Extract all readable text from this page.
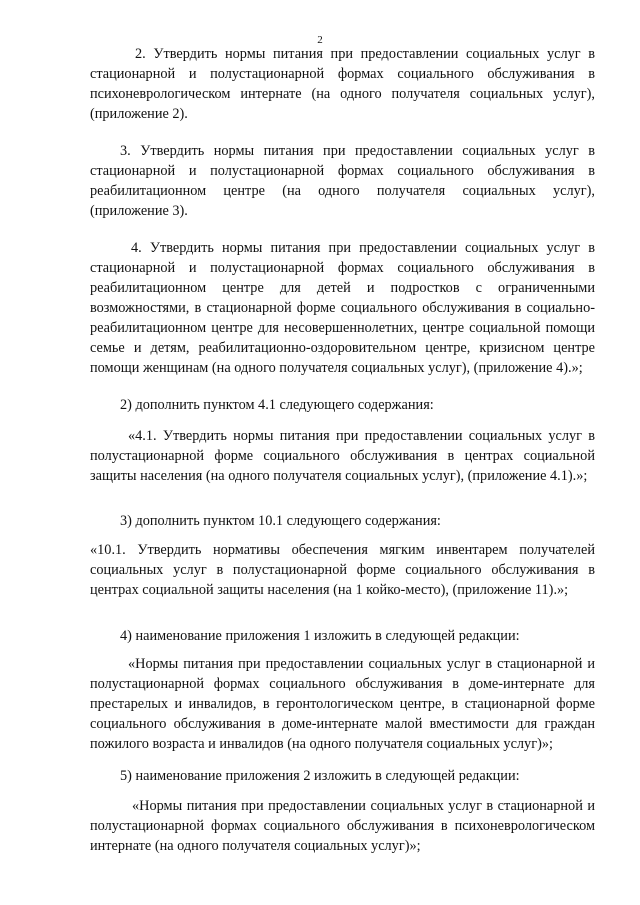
2

2. Утвердить нормы питания при предоставлении социальных услуг в стационарной и полустационарной формах социального обслуживания в психоневрологическом интернате (на одного получателя социальных услуг), (приложение 2).

3. Утвердить нормы питания при предоставлении социальных услуг в стационарной и полустационарной формах социального обслуживания в реабилитационном центре (на одного получателя социальных услуг), (приложение 3).

4. Утвердить нормы питания при предоставлении социальных услуг в стационарной и полустационарной формах социального обслуживания в реабилитационном центре для детей и подростков с ограниченными возможностями, в стационарной форме социального обслуживания в социально-реабилитационном центре для несовершеннолетних, центре социальной помощи семье и детям, реабилитационно-оздоровительном центре, кризисном центре помощи женщинам (на одного получателя социальных услуг), (приложение 4).»;

2) дополнить пунктом 4.1 следующего содержания:

«4.1. Утвердить нормы питания при предоставлении социальных услуг в полустационарной форме социального обслуживания в центрах социальной защиты населения (на одного получателя социальных услуг), (приложение 4.1).»;

3) дополнить пунктом 10.1 следующего содержания:

«10.1. Утвердить нормативы обеспечения мягким инвентарем получателей социальных услуг в полустационарной форме социального обслуживания в центрах социальной защиты населения (на 1 койко-место), (приложение 11).»;

4) наименование приложения 1 изложить в следующей редакции:

«Нормы питания при предоставлении социальных услуг в стационарной и полустационарной формах социального обслуживания в доме-интернате для престарелых и инвалидов, в геронтологическом центре, в стационарной форме социального обслуживания в доме-интернате малой вместимости для граждан пожилого возраста и инвалидов (на одного получателя социальных услуг)»;

5) наименование приложения 2 изложить в следующей редакции:

«Нормы питания при предоставлении социальных услуг в стационарной и полустационарной формах социального обслуживания в психоневрологическом интернате (на одного получателя социальных услуг)»;
